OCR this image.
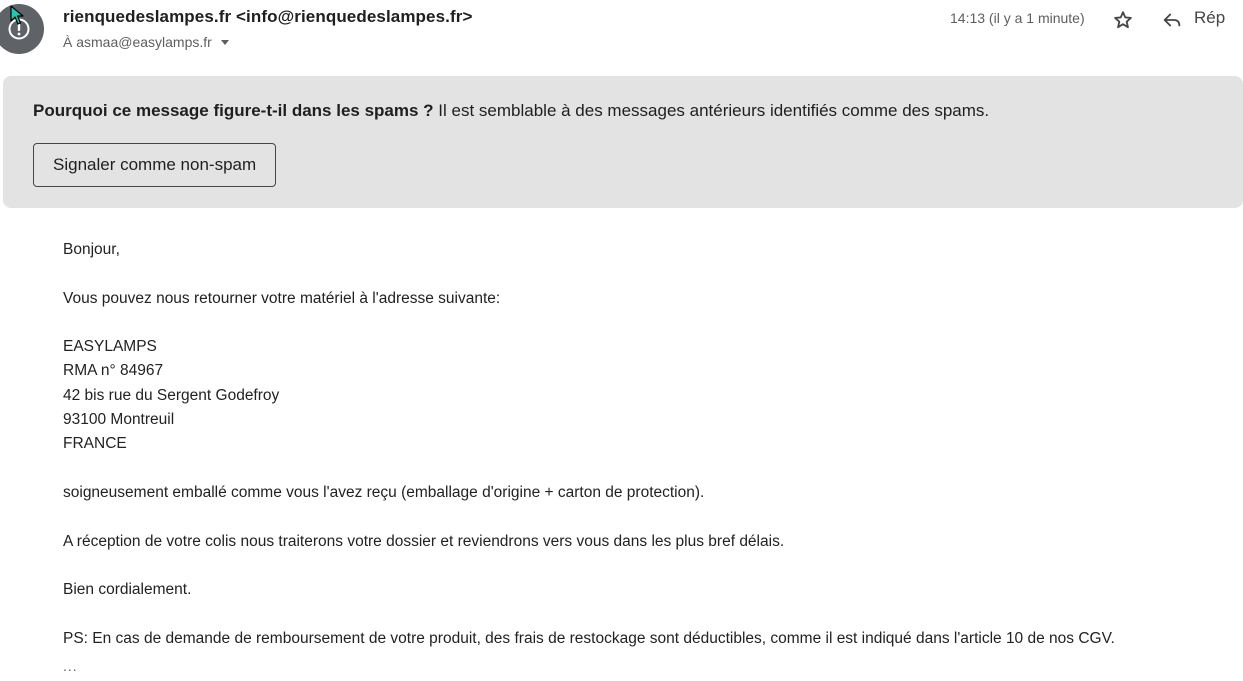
rienquedeslampes.fr <info@rienquedeslampes.fr>
À asmaa@easylamps.fr
14:13 (il y a 1 minute)	Rép
Pourquoi ce message figure-t-il dans les spams ? Il est semblable à des messages antérieurs identifiés comme des spams.
Signaler comme non-spam

Bonjour,

Vous pouvez nous retourner votre matériel à l'adresse suivante:

EASYLAMPS
RMA n° 84967
42 bis rue du Sergent Godefroy
93100 Montreuil
FRANCE

soigneusement emballé comme vous l'avez reçu (emballage d'origine + carton de protection).

A réception de votre colis nous traiterons votre dossier et reviendrons vers vous dans les plus bref délais.

Bien cordialement.

PS: En cas de demande de remboursement de votre produit, des frais de restockage sont déductibles, comme il est indiqué dans l'article 10 de nos CGV.

...
